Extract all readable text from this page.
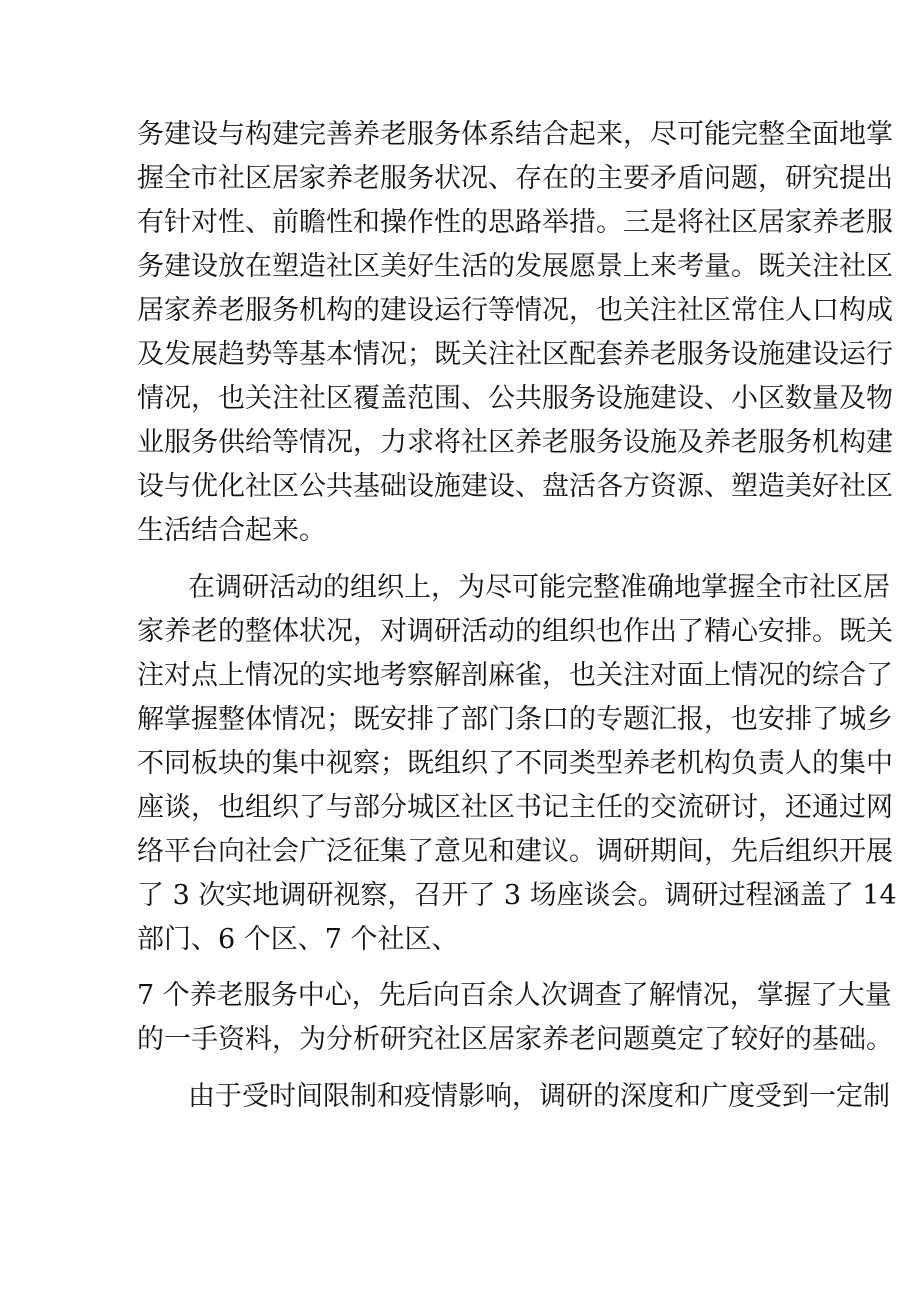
务建设与构建完善养老服务体系结合起来，尽可能完整全面地掌
握全市社区居家养老服务状况、存在的主要矛盾问题，研究提出
有针对性、前瞻性和操作性的思路举措。三是将社区居家养老服
务建设放在塑造社区美好生活的发展愿景上来考量。既关注社区
居家养老服务机构的建设运行等情况，也关注社区常住人口构成
及发展趋势等基本情况；既关注社区配套养老服务设施建设运行
情况，也关注社区覆盖范围、公共服务设施建设、小区数量及物
业服务供给等情况，力求将社区养老服务设施及养老服务机构建
设与优化社区公共基础设施建设、盘活各方资源、塑造美好社区
生活结合起来。
在调研活动的组织上，为尽可能完整准确地掌握全市社区居
家养老的整体状况，对调研活动的组织也作出了精心安排。既关
注对点上情况的实地考察解剖麻雀，也关注对面上情况的综合了
解掌握整体情况；既安排了部门条口的专题汇报，也安排了城乡
不同板块的集中视察；既组织了不同类型养老机构负责人的集中
座谈，也组织了与部分城区社区书记主任的交流研讨，还通过网
络平台向社会广泛征集了意见和建议。调研期间，先后组织开展
了 3 次实地调研视察，召开了 3 场座谈会。调研过程涵盖了 14
部门、6 个区、7 个社区、
7 个养老服务中心，先后向百余人次调查了解情况，掌握了大量
的一手资料，为分析研究社区居家养老问题奠定了较好的基础。
由于受时间限制和疫情影响，调研的深度和广度受到一定制
